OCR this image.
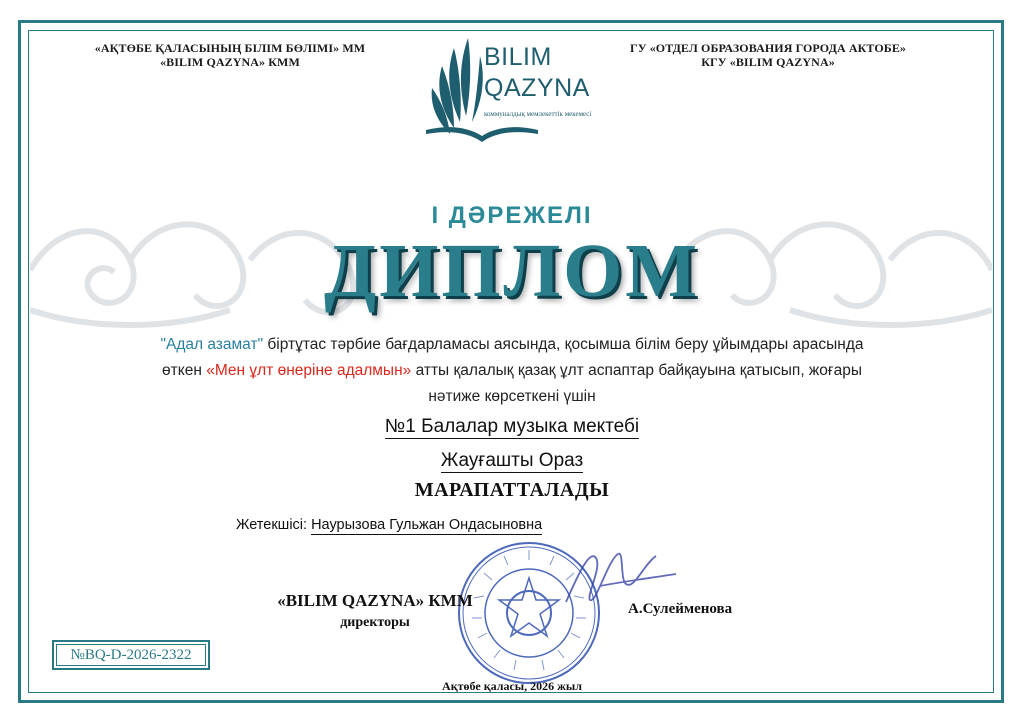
«АҚТӨБЕ ҚАЛАСЫНЫҢ БІЛІМ БӨЛІМІ» ММ
«BILIM QAZYNA» КММ
ГУ «ОТДЕЛ ОБРАЗОВАНИЯ ГОРОДА АКТОБЕ»
КГУ «BILIM QAZYNA»
BILIM
QAZYNA
коммуналдық мемлекеттік мекемесі
I ДӘРЕЖЕЛІ
ДИПЛОМ
"Адал азамат" біртұтас тәрбие бағдарламасы аясында, қосымша білім беру ұйымдары арасында өткен «Мен ұлт өнеріне адалмын» атты қалалық қазақ ұлт аспаптар байқауына қатысып, жоғары нәтиже көрсеткені үшін
№1 Балалар музыка мектебі
Жауғашты Ораз
МАРАПАТТАЛАДЫ
Жетекшісі: Наурызова Гульжан Ондасыновна
«BILIM QAZYNA» КММ
директоры
А.Сулейменова
№BQ-D-2026-2322
Ақтөбе қаласы, 2026 жыл
